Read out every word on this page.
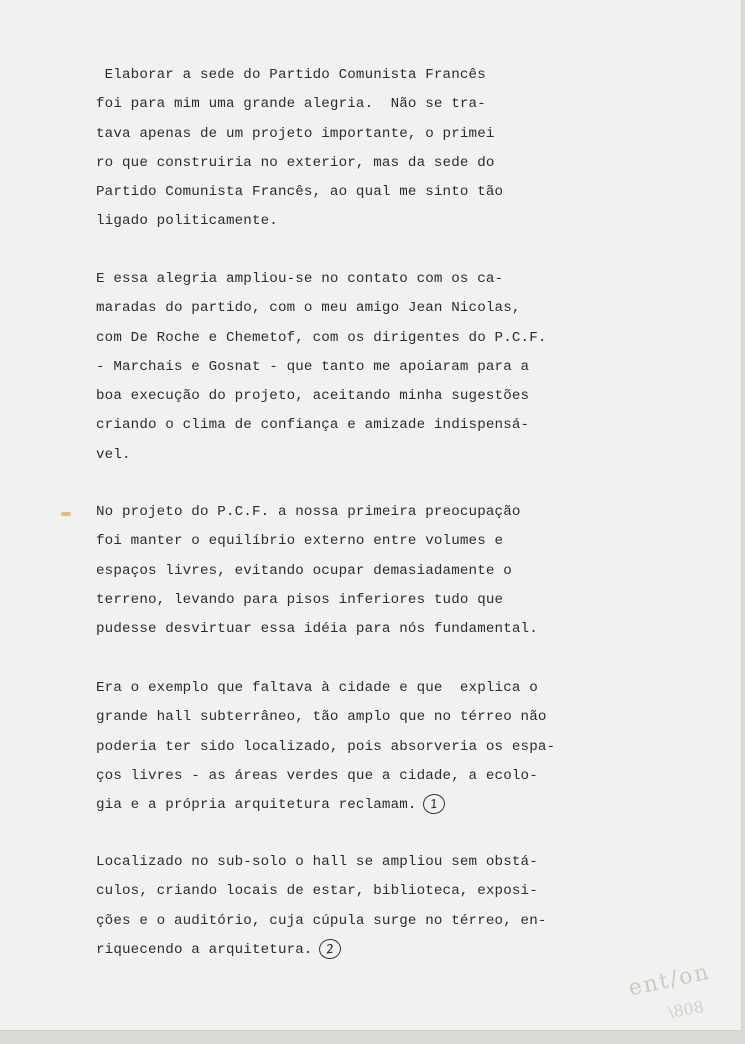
Elaborar a sede do Partido Comunista Francês
foi para mim uma grande alegria.  Não se tra-
tava apenas de um projeto importante, o primei
ro que construiria no exterior, mas da sede do
Partido Comunista Francês, ao qual me sinto tão
ligado politicamente.
E essa alegria ampliou-se no contato com os ca-
maradas do partido, com o meu amigo Jean Nicolas,
com De Roche e Chemetof, com os dirigentes do P.C.F.
- Marchais e Gosnat - que tanto me apoiaram para a
boa execução do projeto, aceitando minha sugestões
criando o clima de confiança e amizade indispensá-
vel.
No projeto do P.C.F. a nossa primeira preocupação
foi manter o equilíbrio externo entre volumes e
espaços livres, evitando ocupar demasiadamente o
terreno, levando para pisos inferiores tudo que
pudesse desvirtuar essa idéia para nós fundamental.
Era o exemplo que faltava à cidade e que  explica o
grande hall subterrâneo, tão amplo que no térreo não
poderia ter sido localizado, pois absorveria os espa-
ços livres - as áreas verdes que a cidade, a ecolo-
gia e a própria arquitetura reclamam. 1
Localizado no sub-solo o hall se ampliou sem obstá-
culos, criando locais de estar, biblioteca, exposi-
ções e o auditório, cuja cúpula surge no térreo, en-
riquecendo a arquitetura. 2
ent/on
\808
